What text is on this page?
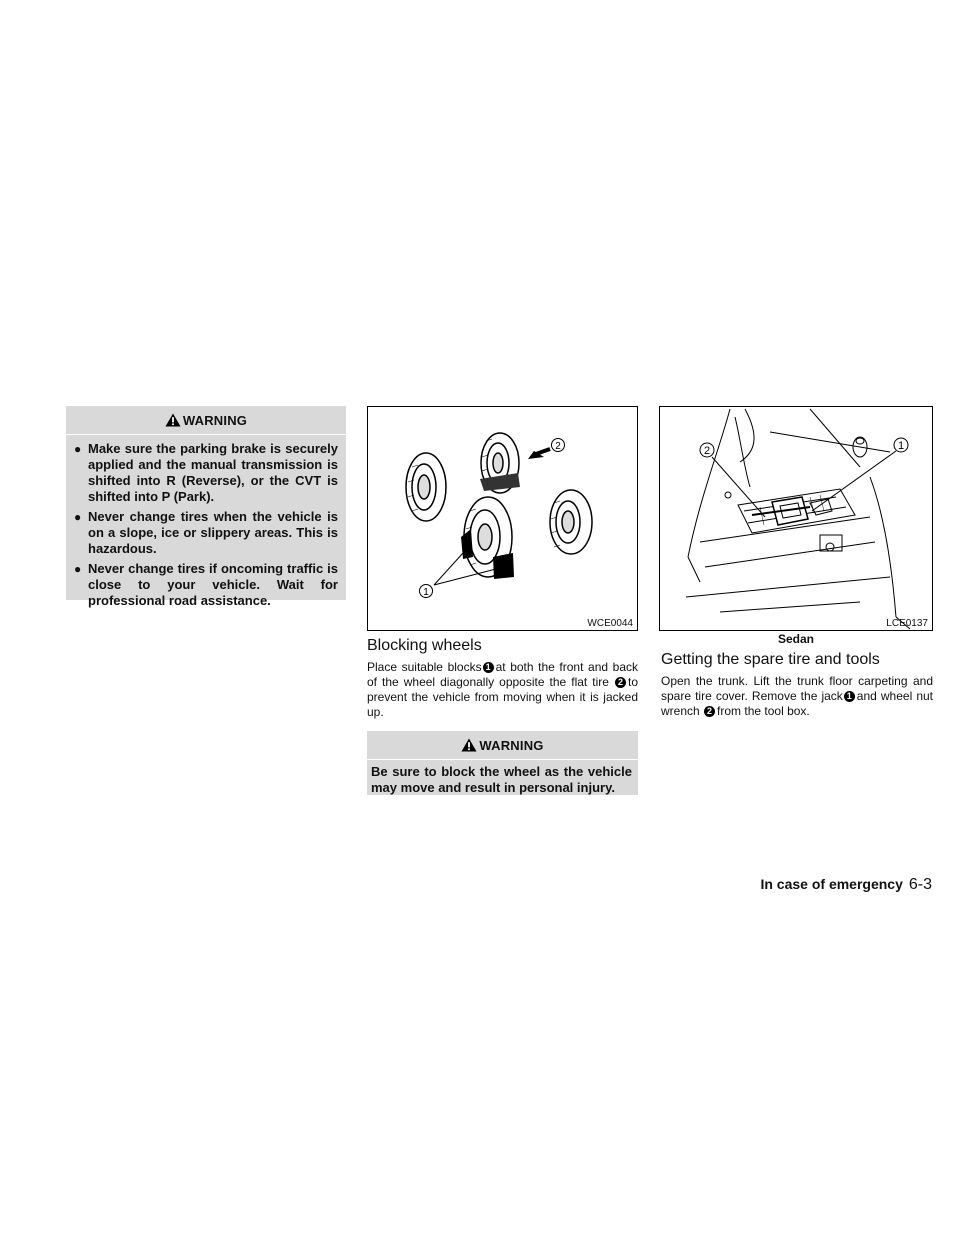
WARNING
● Make sure the parking brake is securely applied and the manual transmission is shifted into R (Reverse), or the CVT is shifted into P (Park).
● Never change tires when the vehicle is on a slope, ice or slippery areas. This is hazardous.
● Never change tires if oncoming traffic is close to your vehicle. Wait for professional road assistance.
2
1
WCE0044
2	1
LCE0137
Sedan
Blocking wheels
Place suitable blocks 1 at both the front and back of the wheel diagonally opposite the flat tire 2 to prevent the vehicle from moving when it is jacked up.
WARNING
Be sure to block the wheel as the vehicle may move and result in personal injury.
Getting the spare tire and tools
Open the trunk. Lift the trunk floor carpeting and spare tire cover. Remove the jack 1 and wheel nut wrench 2 from the tool box.
In case of emergency 6-3
